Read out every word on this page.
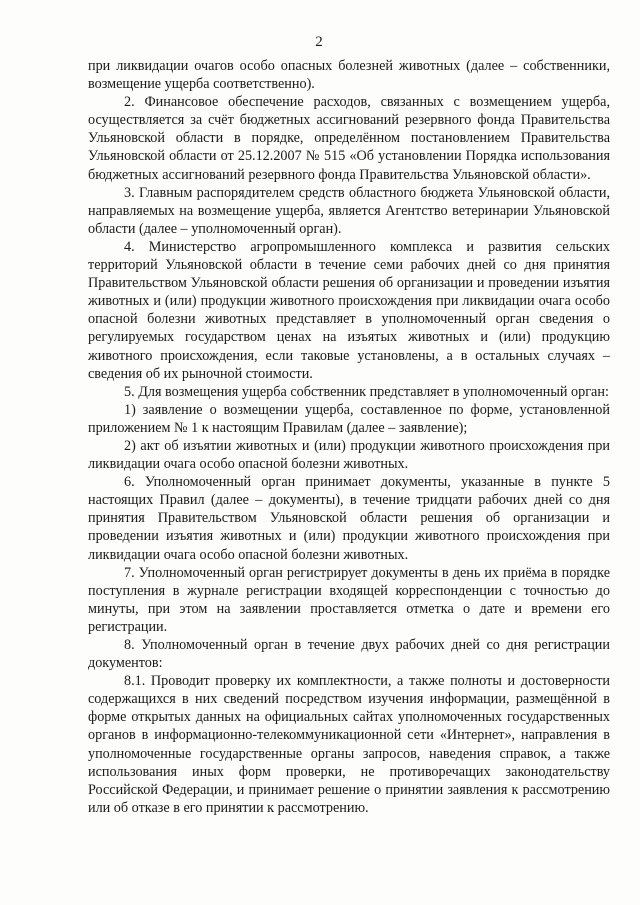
2

при ликвидации очагов особо опасных болезней животных (далее – собственники, возмещение ущерба соответственно).

2. Финансовое обеспечение расходов, связанных с возмещением ущерба, осуществляется за счёт бюджетных ассигнований резервного фонда Правительства Ульяновской области в порядке, определённом постановлением Правительства Ульяновской области от 25.12.2007 № 515 «Об установлении Порядка использования бюджетных ассигнований резервного фонда Правительства Ульяновской области».

3. Главным распорядителем средств областного бюджета Ульяновской области, направляемых на возмещение ущерба, является Агентство ветеринарии Ульяновской области (далее – уполномоченный орган).

4. Министерство агропромышленного комплекса и развития сельских территорий Ульяновской области в течение семи рабочих дней со дня принятия Правительством Ульяновской области решения об организации и проведении изъятия животных и (или) продукции животного происхождения при ликвидации очага особо опасной болезни животных представляет в уполномоченный орган сведения о регулируемых государством ценах на изъятых животных и (или) продукцию животного происхождения, если таковые установлены, а в остальных случаях – сведения об их рыночной стоимости.

5. Для возмещения ущерба собственник представляет в уполномоченный орган:

1) заявление о возмещении ущерба, составленное по форме, установленной приложением № 1 к настоящим Правилам (далее – заявление);

2) акт об изъятии животных и (или) продукции животного происхождения при ликвидации очага особо опасной болезни животных.

6. Уполномоченный орган принимает документы, указанные в пункте 5 настоящих Правил (далее – документы), в течение тридцати рабочих дней со дня принятия Правительством Ульяновской области решения об организации и проведении изъятия животных и (или) продукции животного происхождения при ликвидации очага особо опасной болезни животных.

7. Уполномоченный орган регистрирует документы в день их приёма в порядке поступления в журнале регистрации входящей корреспонденции с точностью до минуты, при этом на заявлении проставляется отметка о дате и времени его регистрации.

8. Уполномоченный орган в течение двух рабочих дней со дня регистрации документов:

8.1. Проводит проверку их комплектности, а также полноты и достоверности содержащихся в них сведений посредством изучения информации, размещённой в форме открытых данных на официальных сайтах уполномоченных государственных органов в информационно-телекоммуникационной сети «Интернет», направления в уполномоченные государственные органы запросов, наведения справок, а также использования иных форм проверки, не противоречащих законодательству Российской Федерации, и принимает решение о принятии заявления к рассмотрению или об отказе в его принятии к рассмотрению.
